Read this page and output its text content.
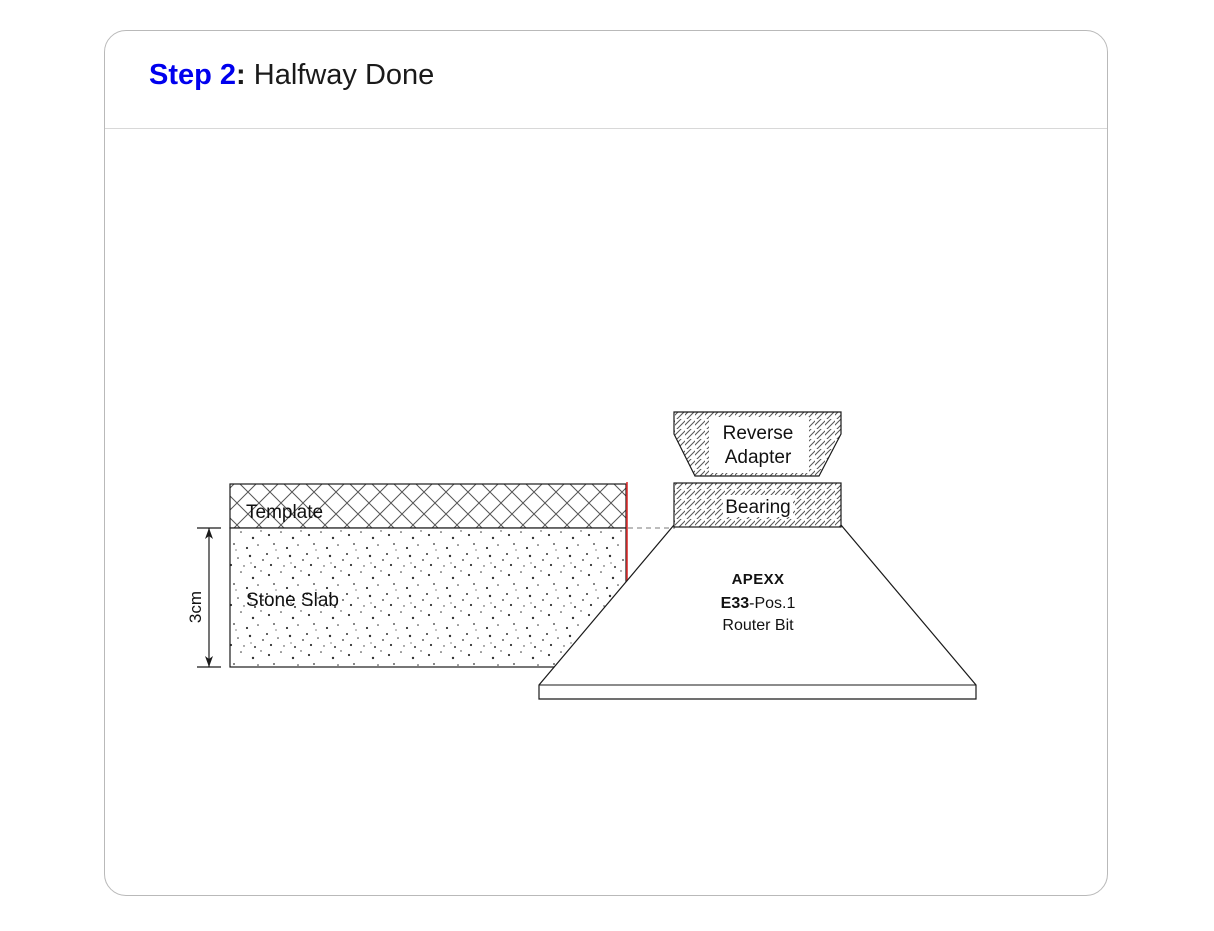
Step 2: Halfway Done
Template
Stone Slab
3cm
Bearing
Reverse
Adapter
APEXX
E33-Pos.1
Router Bit
